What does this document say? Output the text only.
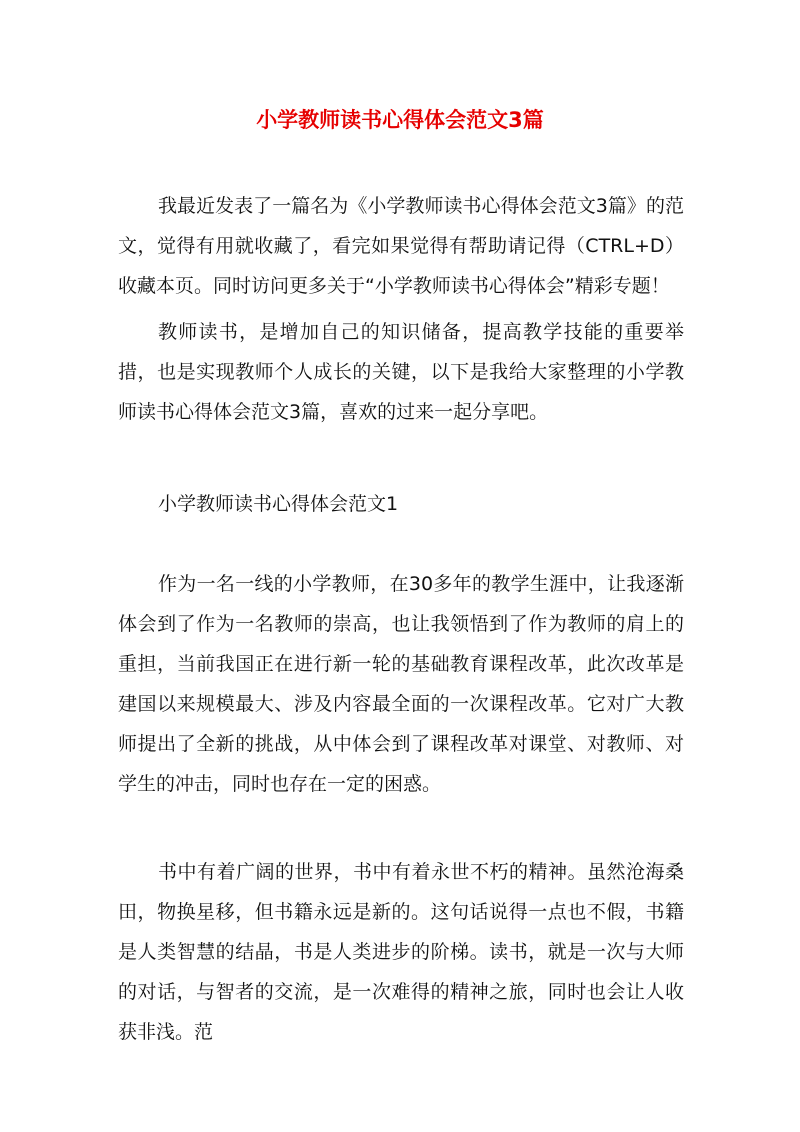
小学教师读书心得体会范文3篇

我最近发表了一篇名为《小学教师读书心得体会范文3篇》的范文，觉得有用就收藏了，看完如果觉得有帮助请记得（CTRL+D）收藏本页。同时访问更多关于“小学教师读书心得体会”精彩专题！

教师读书，是增加自己的知识储备，提高教学技能的重要举措，也是实现教师个人成长的关键，以下是我给大家整理的小学教师读书心得体会范文3篇，喜欢的过来一起分享吧。

小学教师读书心得体会范文1

作为一名一线的小学教师，在30多年的教学生涯中，让我逐渐体会到了作为一名教师的崇高，也让我领悟到了作为教师的肩上的重担，当前我国正在进行新一轮的基础教育课程改革，此次改革是建国以来规模最大、涉及内容最全面的一次课程改革。它对广大教师提出了全新的挑战，从中体会到了课程改革对课堂、对教师、对学生的冲击，同时也存在一定的困惑。

书中有着广阔的世界，书中有着永世不朽的精神。虽然沧海桑田，物换星移，但书籍永远是新的。这句话说得一点也不假，书籍是人类智慧的结晶，书是人类进步的阶梯。读书，就是一次与大师的对话，与智者的交流，是一次难得的精神之旅，同时也会让人收获非浅。范
